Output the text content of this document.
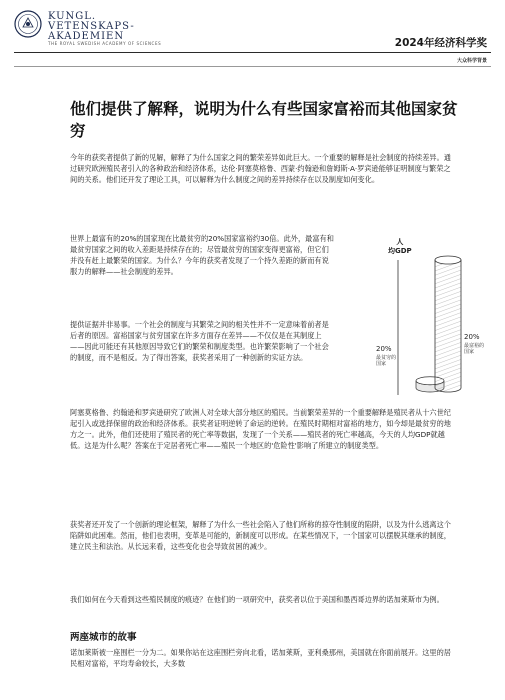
KUNGL.
VETENSKAPS-
AKADEMIEN
THE ROYAL SWEDISH ACADEMY OF SCIENCES	2024年经济科学奖
大众科学背景
他们提供了解释，说明为什么有些国家富裕而其他国家贫穷
今年的获奖者提供了新的见解，解释了为什么国家之间的繁荣差异如此巨大。一个重要的解释是社会制度的持续差异。通过研究欧洲殖民者引入的各种政治和经济体系，达伦·阿塞莫格鲁、西蒙·约翰逊和詹姆斯·A·罗宾逊能够证明制度与繁荣之间的关系。他们还开发了理论工具，可以解释为什么制度之间的差异持续存在以及制度如何变化。
世界上最富有的20%的国家现在比最贫穷的20%国家富裕约30倍。此外，最富有和最贫穷国家之间的收入差距是持续存在的；尽管最贫穷的国家变得更富裕，但它们并没有赶上最繁荣的国家。为什么？今年的获奖者发现了一个持久差距的新而有说服力的解释——社会制度的差异。
提供证据并非易事。一个社会的制度与其繁荣之间的相关性并不一定意味着前者是后者的原因。富裕国家与贫穷国家在许多方面存在差异——不仅仅是在其制度上——因此可能还有其他原因导致它们的繁荣和制度类型。也许繁荣影响了一个社会的制度，而不是相反。为了得出答案，获奖者采用了一种创新的实证方法。
阿塞莫格鲁、约翰逊和罗宾逊研究了欧洲人对全球大部分地区的殖民。当前繁荣差异的一个重要解释是殖民者从十六世纪起引入或选择保留的政治和经济体系。获奖者证明逆转了命运的逆转。在殖民时期相对富裕的地方，如今却是最贫穷的地方之一。此外，他们还使用了殖民者的死亡率等数据，发现了一个关系——殖民者的死亡率越高，今天的人均GDP就越低。这是为什么呢？答案在于定居者死亡率——殖民一个地区的'危险性'影响了所建立的制度类型。
获奖者还开发了一个创新的理论框架，解释了为什么一些社会陷入了他们所称的掠夺性制度的陷阱，以及为什么逃离这个陷阱如此困难。然而，他们也表明，变革是可能的，新制度可以形成。在某些情况下，一个国家可以摆脱其继承的制度，建立民主和法治。从长远来看，这些变化也会导致贫困的减少。
我们如何在今天看到这些殖民制度的痕迹？在他们的一项研究中，获奖者以位于美国和墨西哥边界的诺加莱斯市为例。
两座城市的故事
诺加莱斯被一座围栏一分为二。如果你站在这座围栏旁向北看，诺加莱斯，亚利桑那州，美国就在你面前展开。这里的居民相对富裕，平均寿命较长，大多数
人
均GDP
20%
最富裕的
国家
20%
最贫穷的
国家
